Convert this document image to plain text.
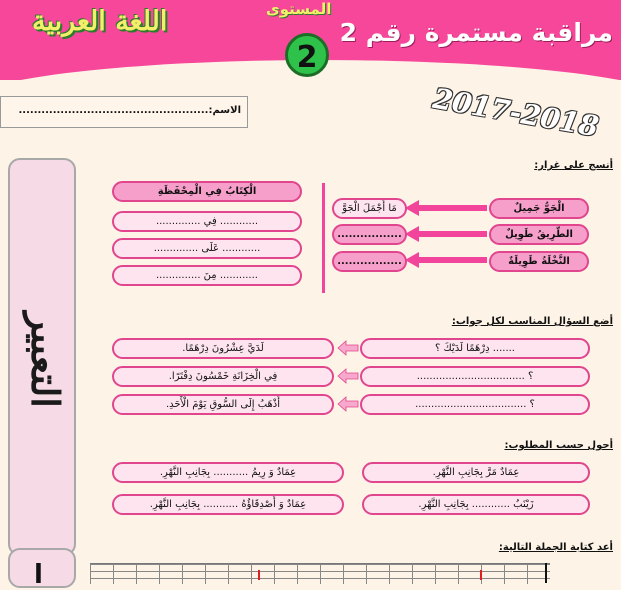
مراقبة مستمرة رقم 2
اللغة العربية	المستوى
2
2017-2018
الاسم:..................................................
التعبير
ا
أنسج على غرار:
الْجَوُّ جَمِيلٌ
الطَّرِيقُ طَوِيلٌ
النَّخْلَةُ طَوِيلَةٌ
مَا أَجْمَلَ الْجَوَّ
.................
.................
الْكِتَابُ فِي الْمِحْفَظَةِ
............ فِي ..............
............ عَلَى ..............
............ مِنَ ..............
أضع السؤال المناسب لكل جواب:
....... دِرْهَمًا لَدَيْكَ ؟
؟ ..................................
؟ ...................................
لَدَيَّ عِشْرُونَ دِرْهَمًا.
فِي الْخِزَانَةِ خَمْسُونَ دِفْتَرًا.
أَذْهَبُ إِلَى السُّوقِ يَوْمَ الْأَحَدِ.
أحول حسب المطلوب:
عِمَادٌ مَرَّ بِجَانِبِ النَّهْرِ.
زَيْنَبُ ............ بِجَانِبِ النَّهْرِ.
عِمَادٌ وَ رِيمُ ........... بِجَانِبِ النَّهْرِ.
عِمَادٌ وَ أَصْدِقَاؤُهُ ........... بِجَانِبِ النَّهْرِ.
أعد كتابة الجملة التالية:
